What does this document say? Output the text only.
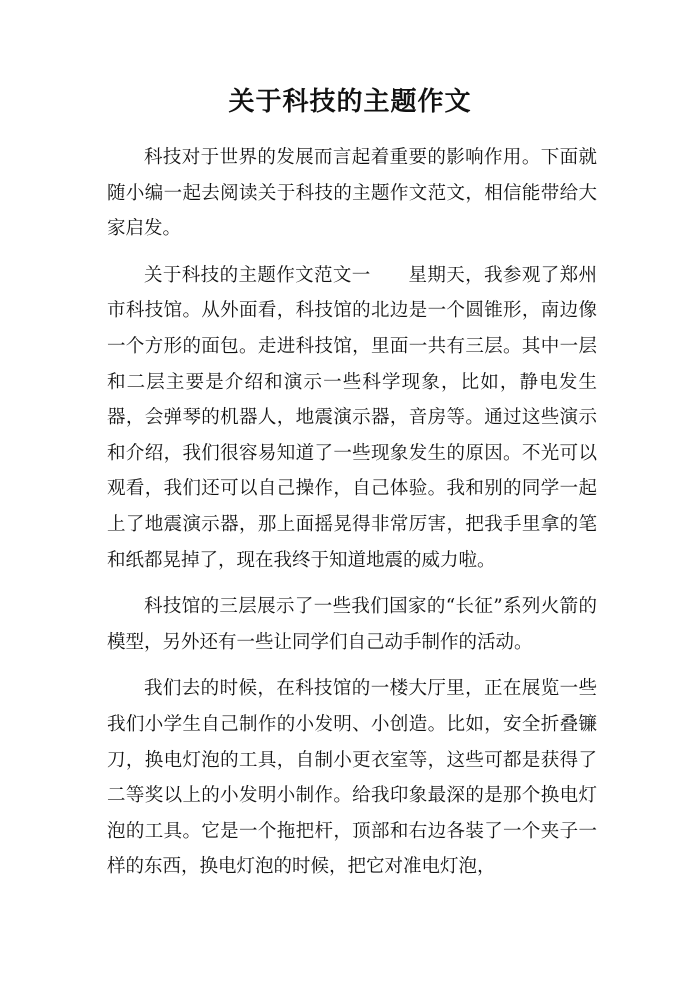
关于科技的主题作文

科技对于世界的发展而言起着重要的影响作用。下面就随小编一起去阅读关于科技的主题作文范文，相信能带给大家启发。

关于科技的主题作文范文一　　星期天，我参观了郑州市科技馆。从外面看，科技馆的北边是一个圆锥形，南边像一个方形的面包。走进科技馆，里面一共有三层。其中一层和二层主要是介绍和演示一些科学现象，比如，静电发生器，会弹琴的机器人，地震演示器，音房等。通过这些演示和介绍，我们很容易知道了一些现象发生的原因。不光可以观看，我们还可以自己操作，自己体验。我和别的同学一起上了地震演示器，那上面摇晃得非常厉害，把我手里拿的笔和纸都晃掉了，现在我终于知道地震的威力啦。

科技馆的三层展示了一些我们国家的“长征”系列火箭的模型，另外还有一些让同学们自己动手制作的活动。

我们去的时候，在科技馆的一楼大厅里，正在展览一些我们小学生自己制作的小发明、小创造。比如，安全折叠镰刀，换电灯泡的工具，自制小更衣室等，这些可都是获得了二等奖以上的小发明小制作。给我印象最深的是那个换电灯泡的工具。它是一个拖把杆，顶部和右边各装了一个夹子一样的东西，换电灯泡的时候，把它对准电灯泡，
